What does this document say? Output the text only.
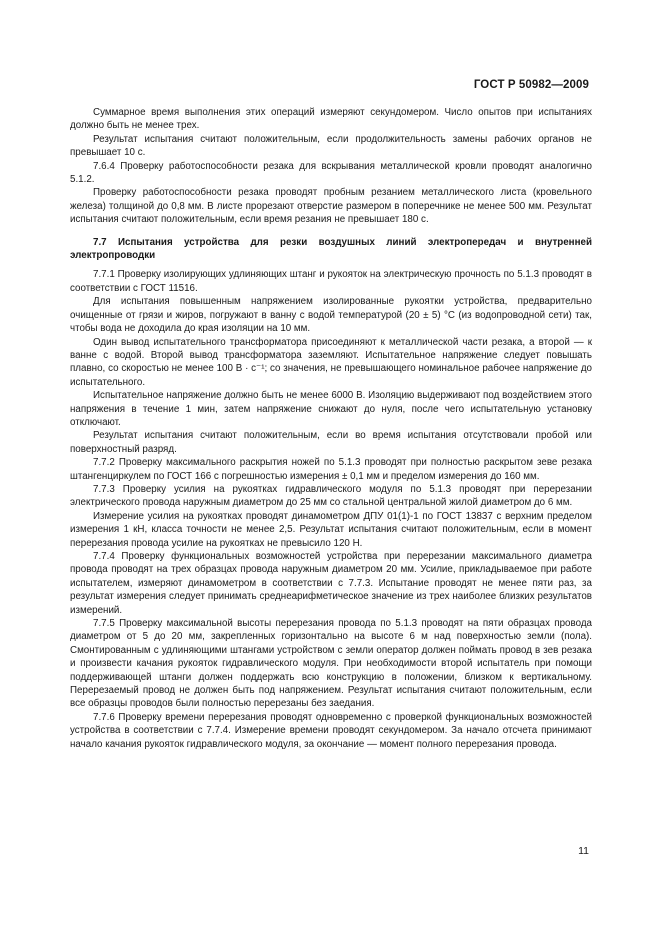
ГОСТ Р 50982—2009

Суммарное время выполнения этих операций измеряют секундомером. Число опытов при испытаниях должно быть не менее трех.

Результат испытания считают положительным, если продолжительность замены рабочих органов не превышает 10 с.

7.6.4 Проверку работоспособности резака для вскрывания металлической кровли проводят аналогично 5.1.2.

Проверку работоспособности резака проводят пробным резанием металлического листа (кровельного железа) толщиной до 0,8 мм. В листе прорезают отверстие размером в поперечнике не менее 500 мм. Результат испытания считают положительным, если время резания не превышает 180 с.

7.7 Испытания устройства для резки воздушных линий электропередач и внутренней электропроводки

7.7.1 Проверку изолирующих удлиняющих штанг и рукояток на электрическую прочность по 5.1.3 проводят в соответствии с ГОСТ 11516.

Для испытания повышенным напряжением изолированные рукоятки устройства, предварительно очищенные от грязи и жиров, погружают в ванну с водой температурой (20 ± 5) °С (из водопроводной сети) так, чтобы вода не доходила до края изоляции на 10 мм.

Один вывод испытательного трансформатора присоединяют к металлической части резака, а второй — к ванне с водой. Второй вывод трансформатора заземляют. Испытательное напряжение следует повышать плавно, со скоростью не менее 100 В · с⁻¹; со значения, не превышающего номинальное рабочее напряжение до испытательного.

Испытательное напряжение должно быть не менее 6000 В. Изоляцию выдерживают под воздействием этого напряжения в течение 1 мин, затем напряжение снижают до нуля, после чего испытательную установку отключают.

Результат испытания считают положительным, если во время испытания отсутствовали пробой или поверхностный разряд.

7.7.2 Проверку максимального раскрытия ножей по 5.1.3 проводят при полностью раскрытом зеве резака штангенциркулем по ГОСТ 166 с погрешностью измерения ± 0,1 мм и пределом измерения до 160 мм.

7.7.3 Проверку усилия на рукоятках гидравлического модуля по 5.1.3 проводят при перерезании электрического провода наружным диаметром до 25 мм со стальной центральной жилой диаметром до 6 мм.

Измерение усилия на рукоятках проводят динамометром ДПУ 01(1)-1 по ГОСТ 13837 с верхним пределом измерения 1 кН, класса точности не менее 2,5. Результат испытания считают положительным, если в момент перерезания провода усилие на рукоятках не превысило 120 Н.

7.7.4 Проверку функциональных возможностей устройства при перерезании максимального диаметра провода проводят на трех образцах провода наружным диаметром 20 мм. Усилие, прикладываемое при работе испытателем, измеряют динамометром в соответствии с 7.7.3. Испытание проводят не менее пяти раз, за результат измерения следует принимать среднеарифметическое значение из трех наиболее близких результатов измерений.

7.7.5 Проверку максимальной высоты перерезания провода по 5.1.3 проводят на пяти образцах провода диаметром от 5 до 20 мм, закрепленных горизонтально на высоте 6 м над поверхностью земли (пола). Смонтированным с удлиняющими штангами устройством с земли оператор должен поймать провод в зев резака и произвести качания рукояток гидравлического модуля. При необходимости второй испытатель при помощи поддерживающей штанги должен поддержать всю конструкцию в положении, близком к вертикальному. Перерезаемый провод не должен быть под напряжением. Результат испытания считают положительным, если все образцы проводов были полностью перерезаны без заедания.

7.7.6 Проверку времени перерезания проводят одновременно с проверкой функциональных возможностей устройства в соответствии с 7.7.4. Измерение времени проводят секундомером. За начало отсчета принимают начало качания рукояток гидравлического модуля, за окончание — момент полного перерезания провода.

11
